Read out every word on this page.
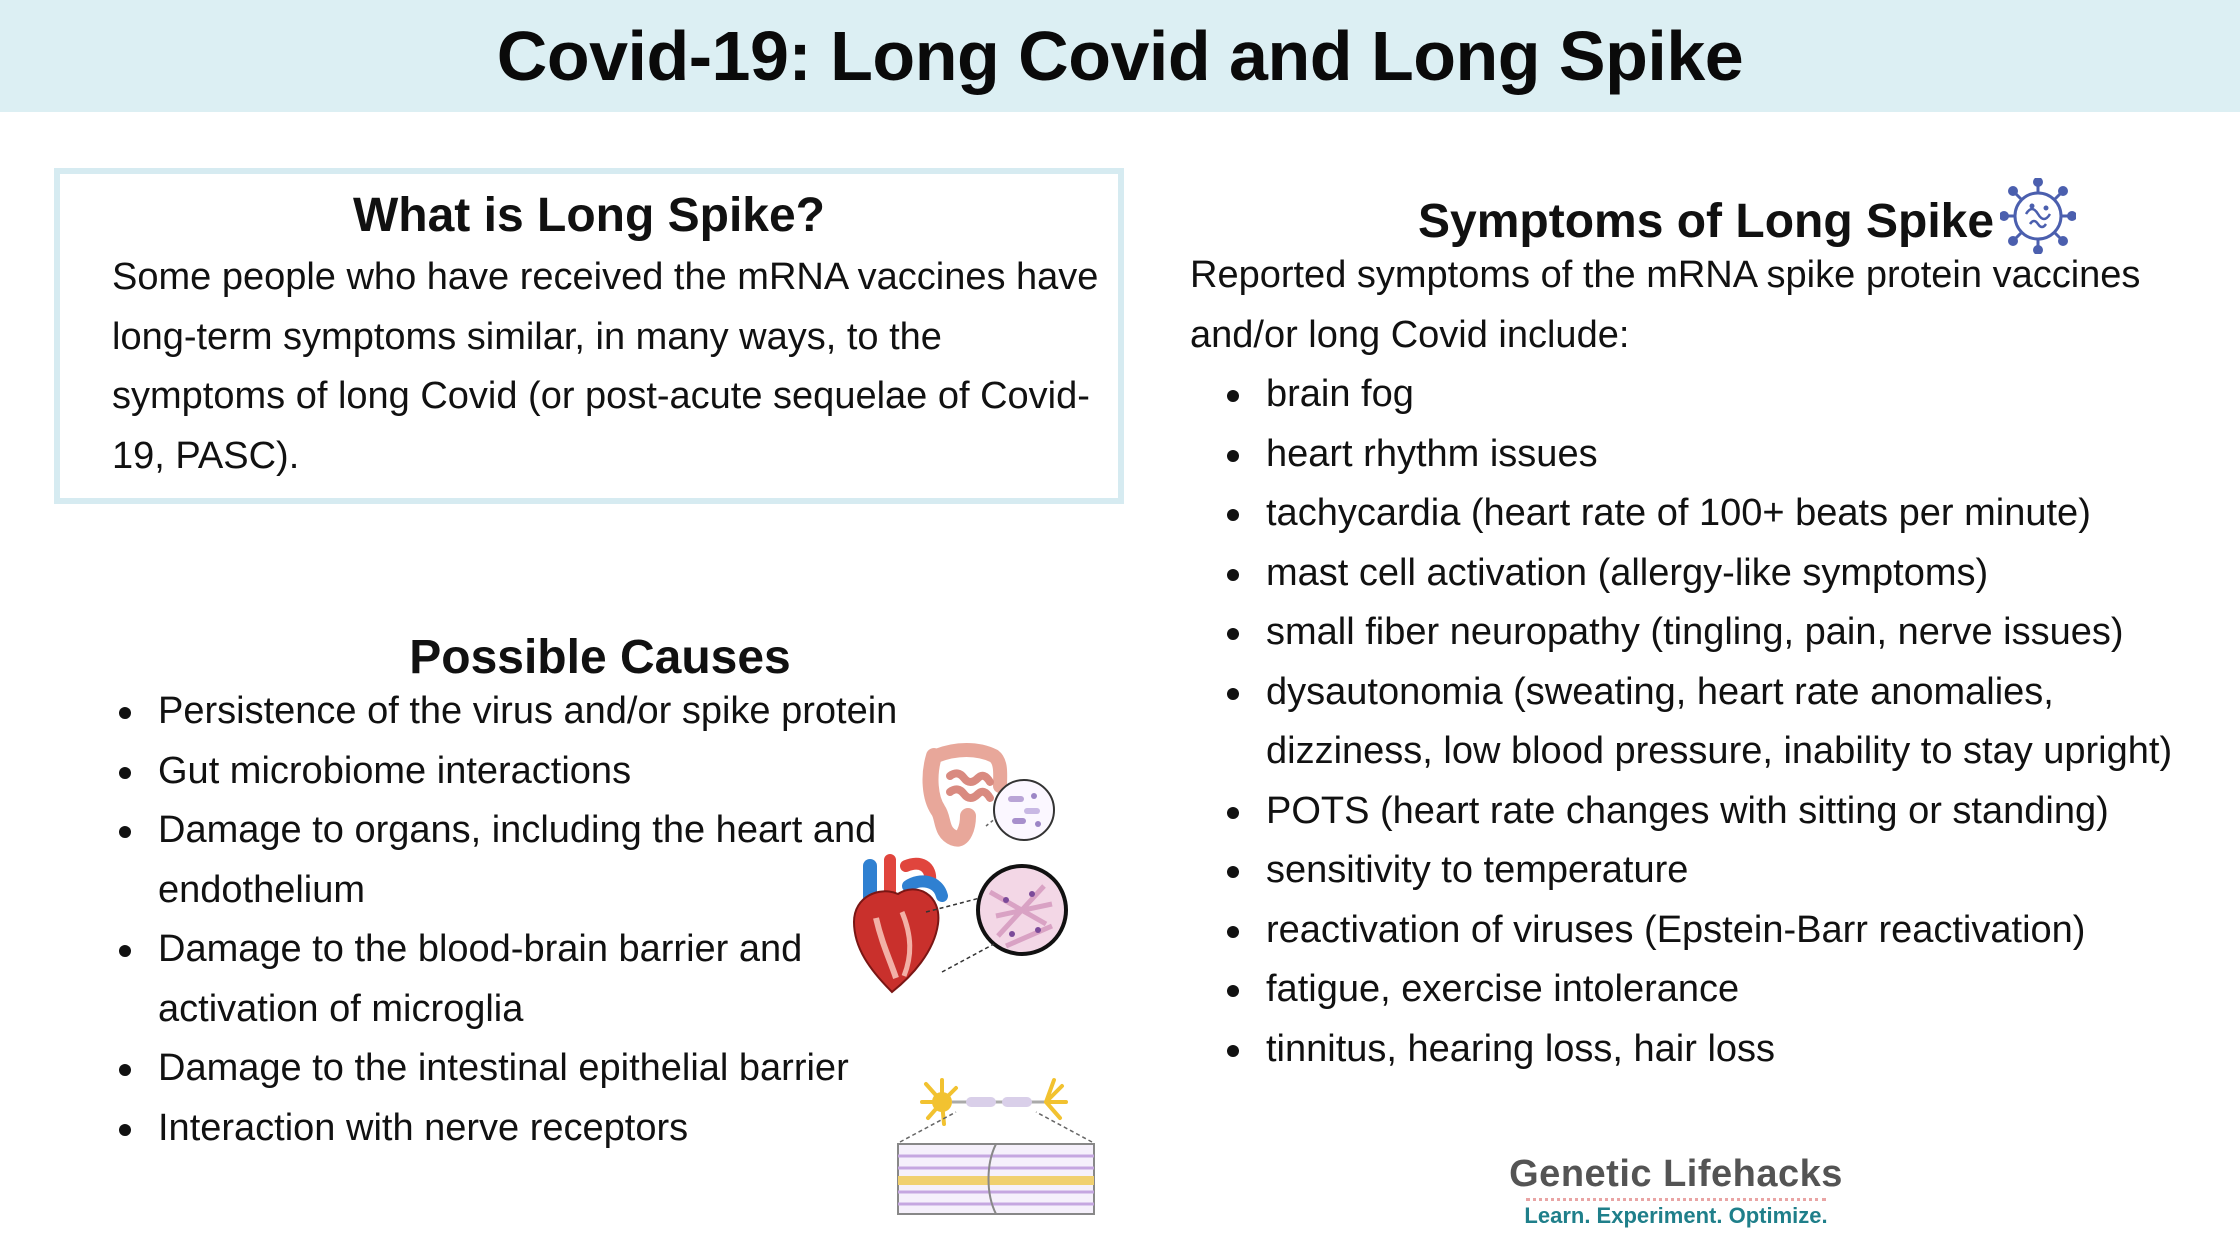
Covid-19: Long Covid and Long Spike
What is Long Spike?

Some people who have received the mRNA vaccines have long-term symptoms similar, in many ways, to the symptoms of long Covid (or post-acute sequelae of Covid-19, PASC).

Possible Causes
Persistence of the virus and/or spike protein
Gut microbiome interactions
Damage to organs, including the heart and endothelium
Damage to the blood-brain barrier and activation of microglia
Damage to the intestinal epithelial barrier
Interaction with nerve receptors
Symptoms of Long Spike

Reported symptoms of the mRNA spike protein vaccines and/or long Covid include:

brain fog
heart rhythm issues
tachycardia (heart rate of 100+ beats per minute)
mast cell activation (allergy-like symptoms)
small fiber neuropathy (tingling, pain, nerve issues)
dysautonomia (sweating, heart rate anomalies, dizziness, low blood pressure, inability to stay upright)
POTS (heart rate changes with sitting or standing)
sensitivity to temperature
reactivation of viruses (Epstein-Barr reactivation)
fatigue, exercise intolerance
tinnitus, hearing loss, hair loss
Genetic Lifehacks
Learn. Experiment. Optimize.
